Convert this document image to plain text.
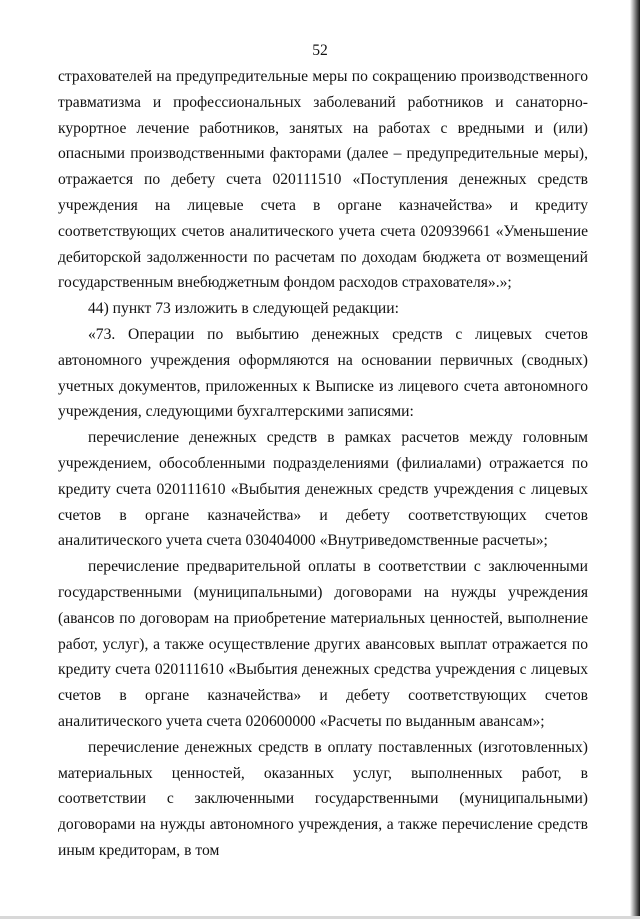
52

страхователей на предупредительные меры по сокращению производственного травматизма и профессиональных заболеваний работников и санаторно-курортное лечение работников, занятых на работах с вредными и (или) опасными производственными факторами (далее – предупредительные меры), отражается по дебету счета 020111510 «Поступления денежных средств учреждения на лицевые счета в органе казначейства» и кредиту соответствующих счетов аналитического учета счета 020939661 «Уменьшение дебиторской задолженности по расчетам по доходам бюджета от возмещений государственным внебюджетным фондом расходов страхователя».»;

44) пункт 73 изложить в следующей редакции:

«73. Операции по выбытию денежных средств с лицевых счетов автономного учреждения оформляются на основании первичных (сводных) учетных документов, приложенных к Выписке из лицевого счета автономного учреждения, следующими бухгалтерскими записями:

перечисление денежных средств в рамках расчетов между головным учреждением, обособленными подразделениями (филиалами) отражается по кредиту счета 020111610 «Выбытия денежных средств учреждения с лицевых счетов в органе казначейства» и дебету соответствующих счетов аналитического учета счета 030404000 «Внутриведомственные расчеты»;

перечисление предварительной оплаты в соответствии с заключенными государственными (муниципальными) договорами на нужды учреждения (авансов по договорам на приобретение материальных ценностей, выполнение работ, услуг), а также осуществление других авансовых выплат отражается по кредиту счета 020111610 «Выбытия денежных средства учреждения с лицевых счетов в органе казначейства» и дебету соответствующих счетов аналитического учета счета 020600000 «Расчеты по выданным авансам»;

перечисление денежных средств в оплату поставленных (изготовленных) материальных ценностей, оказанных услуг, выполненных работ, в соответствии с заключенными государственными (муниципальными) договорами на нужды автономного учреждения, а также перечисление средств иным кредиторам, в том
